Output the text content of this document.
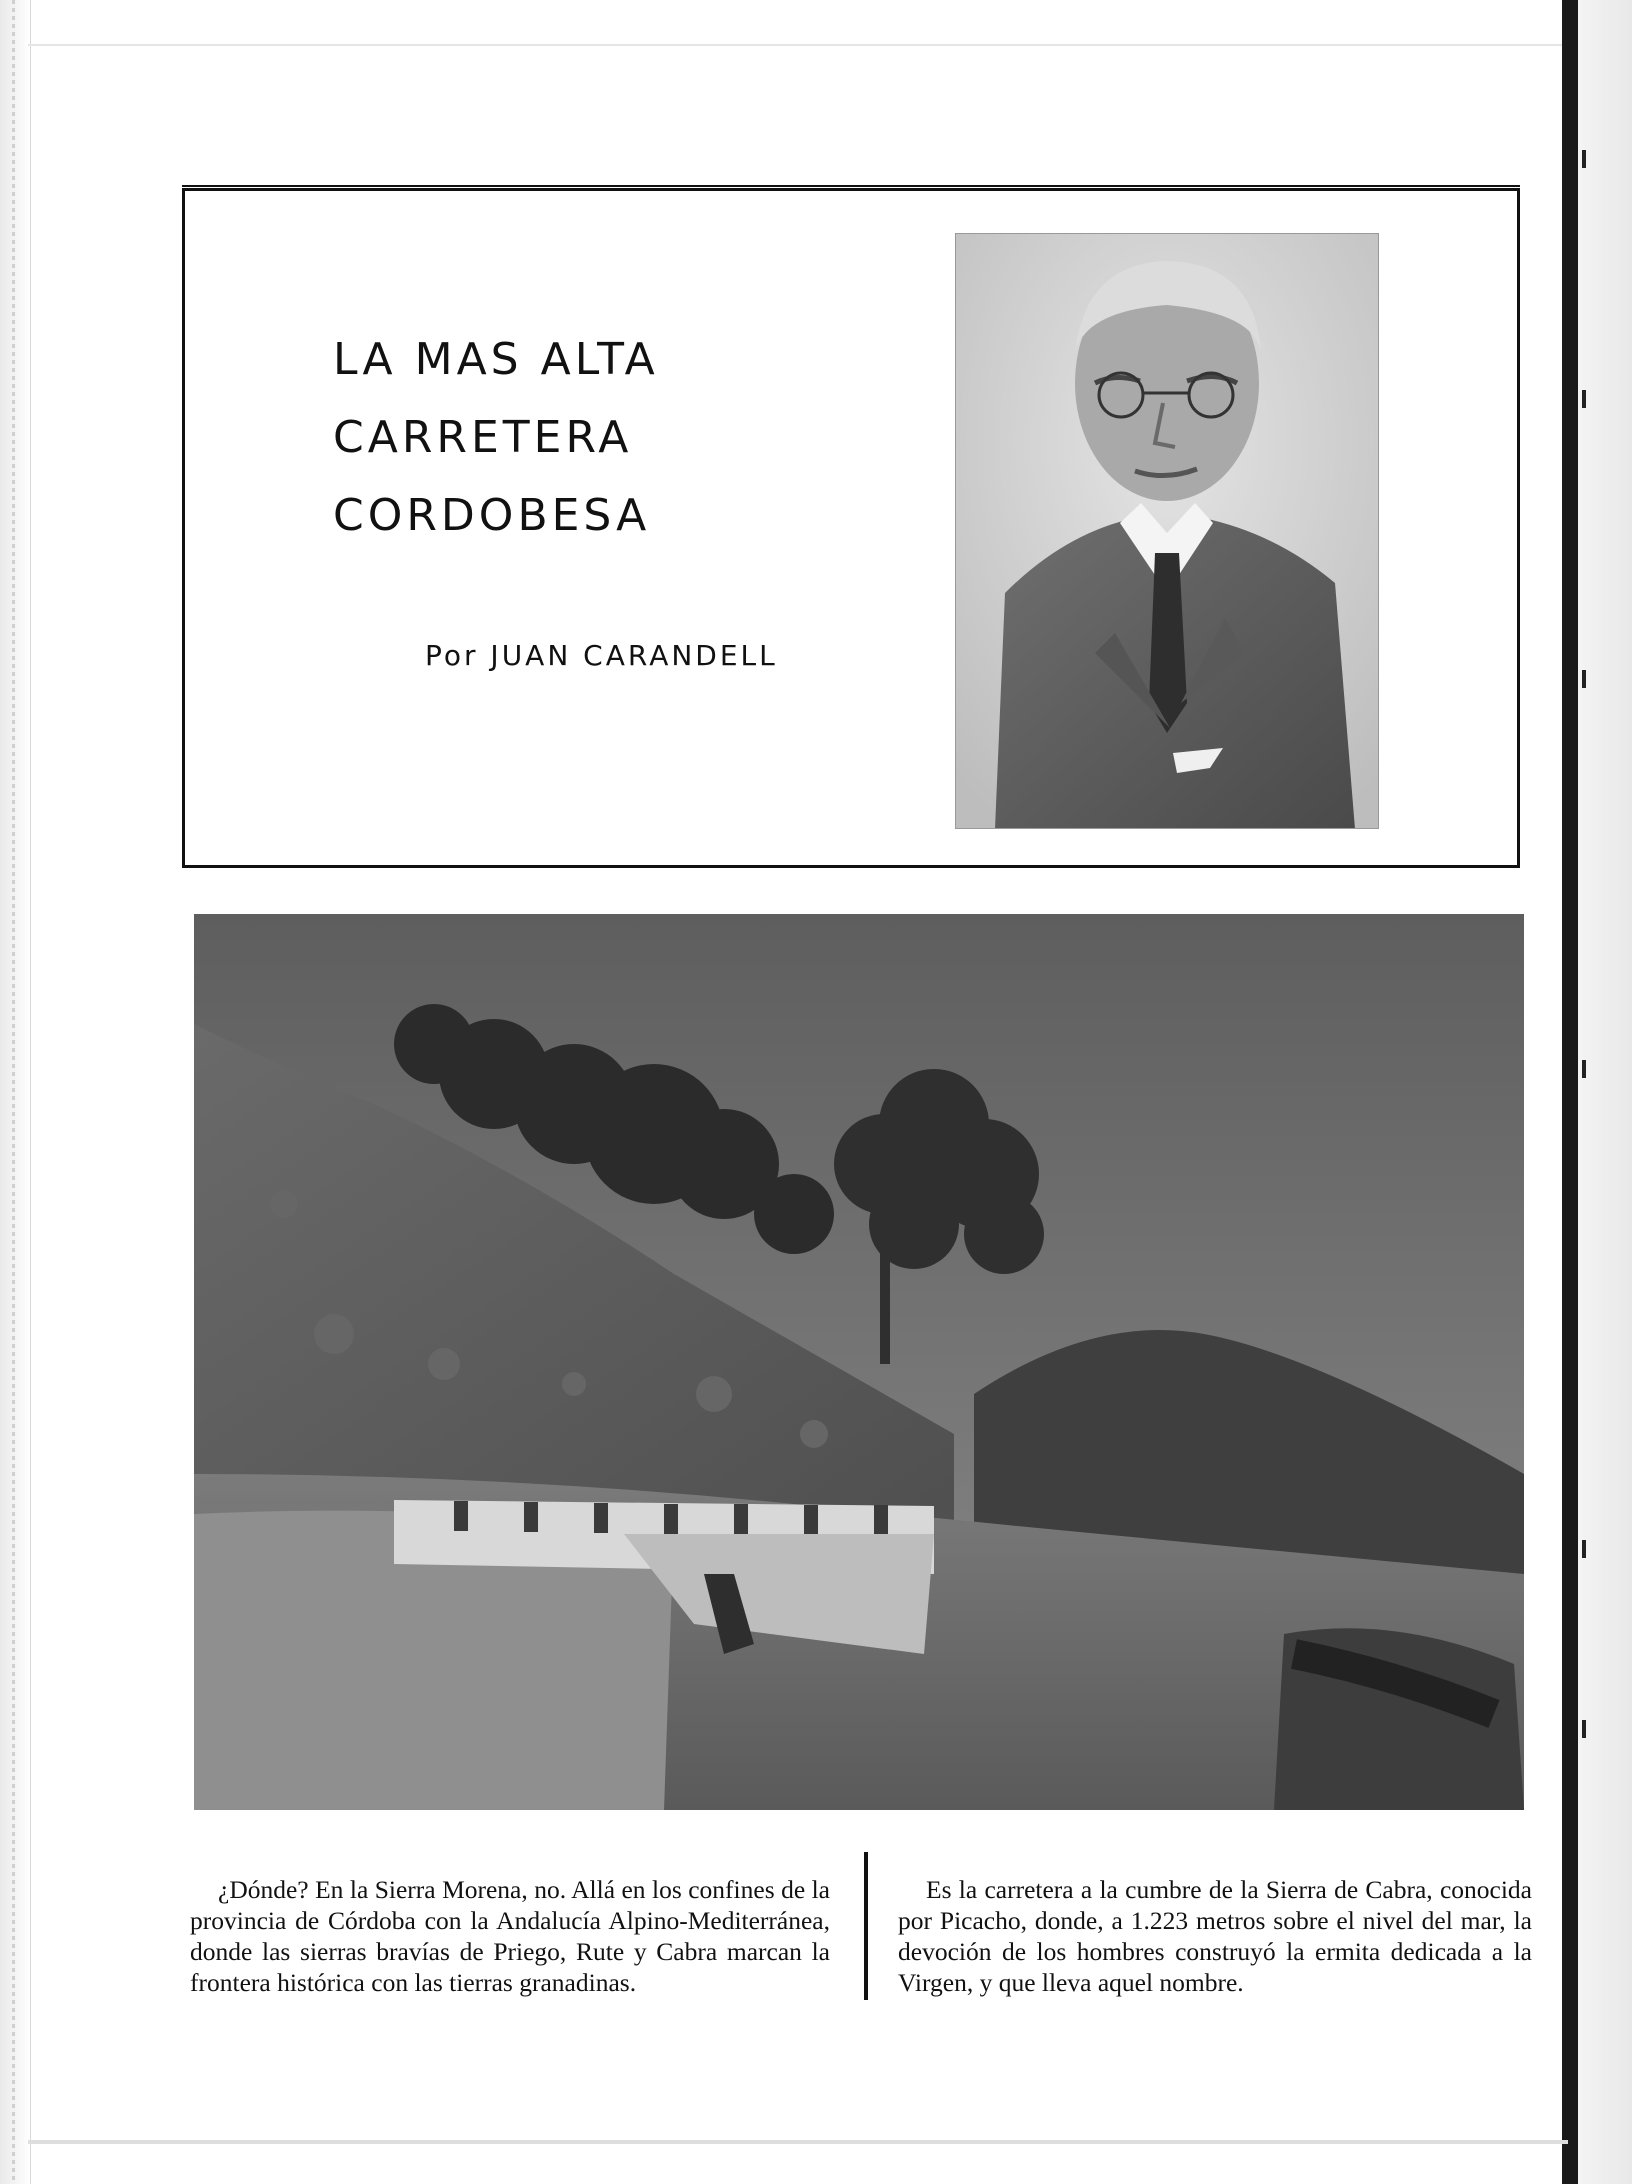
LA MAS ALTA
CARRETERA
CORDOBESA
Por JUAN CARANDELL

¿Dónde? En la Sierra Morena, no. Allá en los confines de la provincia de Córdoba con la Andalucía Alpino-Mediterránea, donde las sierras bravías de Priego, Rute y Cabra marcan la frontera histórica con las tierras granadinas.

Es la carretera a la cumbre de la Sierra de Cabra, conocida por Picacho, donde, a 1.223 metros sobre el nivel del mar, la devoción de los hombres construyó la ermita dedicada a la Virgen, y que lleva aquel nombre.
